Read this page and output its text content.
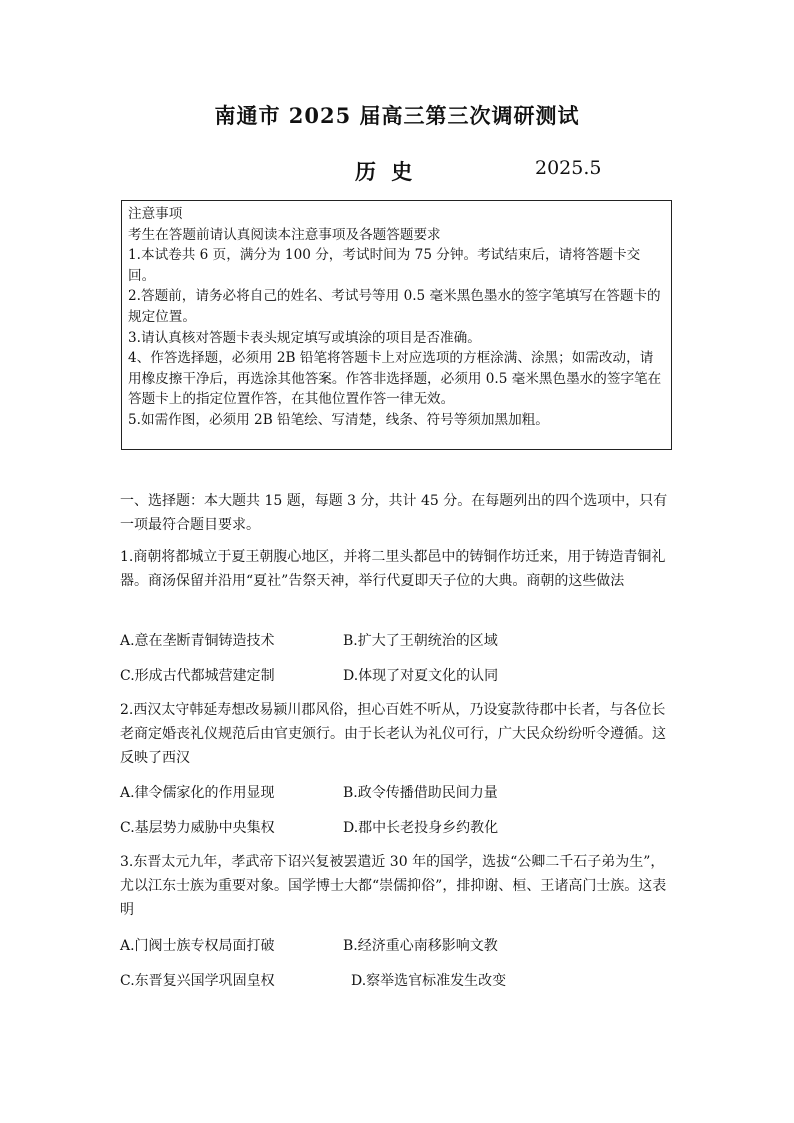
南通市 2025 届高三第三次调研测试
历 史	2025.5

注意事项

考生在答题前请认真阅读本注意事项及各题答题要求

1.本试卷共 6 页，满分为 100 分，考试时间为 75 分钟。考试结束后，请将答题卡交回。

2.答题前，请务必将自己的姓名、考试号等用 0.5 毫米黑色墨水的签字笔填写在答题卡的规定位置。

3.请认真核对答题卡表头规定填写或填涂的项目是否准确。

4、作答选择题，必须用 2B 铅笔将答题卡上对应选项的方框涂满、涂黑；如需改动，请用橡皮擦干净后，再选涂其他答案。作答非选择题，必须用 0.5 毫米黑色墨水的签字笔在答题卡上的指定位置作答，在其他位置作答一律无效。

5.如需作图，必须用 2B 铅笔绘、写清楚，线条、符号等须加黑加粗。

一、选择题：本大题共 15 题，每题 3 分，共计 45 分。在每题列出的四个选项中，只有一项最符合题目要求。

1.商朝将都城立于夏王朝腹心地区，并将二里头都邑中的铸铜作坊迁来，用于铸造青铜礼器。商汤保留并沿用“夏社”告祭天神，举行代夏即天子位的大典。商朝的这些做法

A.意在垄断青铜铸造技术	B.扩大了王朝统治的区域
C.形成古代都城营建定制	D.体现了对夏文化的认同

2.西汉太守韩延寿想改易颍川郡风俗，担心百姓不听从，乃设宴款待郡中长者，与各位长老商定婚丧礼仪规范后由官吏颁行。由于长老认为礼仪可行，广大民众纷纷听令遵循。这反映了西汉

A.律令儒家化的作用显现	B.政令传播借助民间力量
C.基层势力威胁中央集权	D.郡中长老投身乡约教化

3.东晋太元九年，孝武帝下诏兴复被罢遣近 30 年的国学，选拔“公卿二千石子弟为生”，尤以江东士族为重要对象。国学博士大都“崇儒抑俗”，排抑谢、桓、王诸高门士族。这表明

A.门阀士族专权局面打破	B.经济重心南移影响文教
C.东晋复兴国学巩固皇权	D.察举选官标准发生改变
